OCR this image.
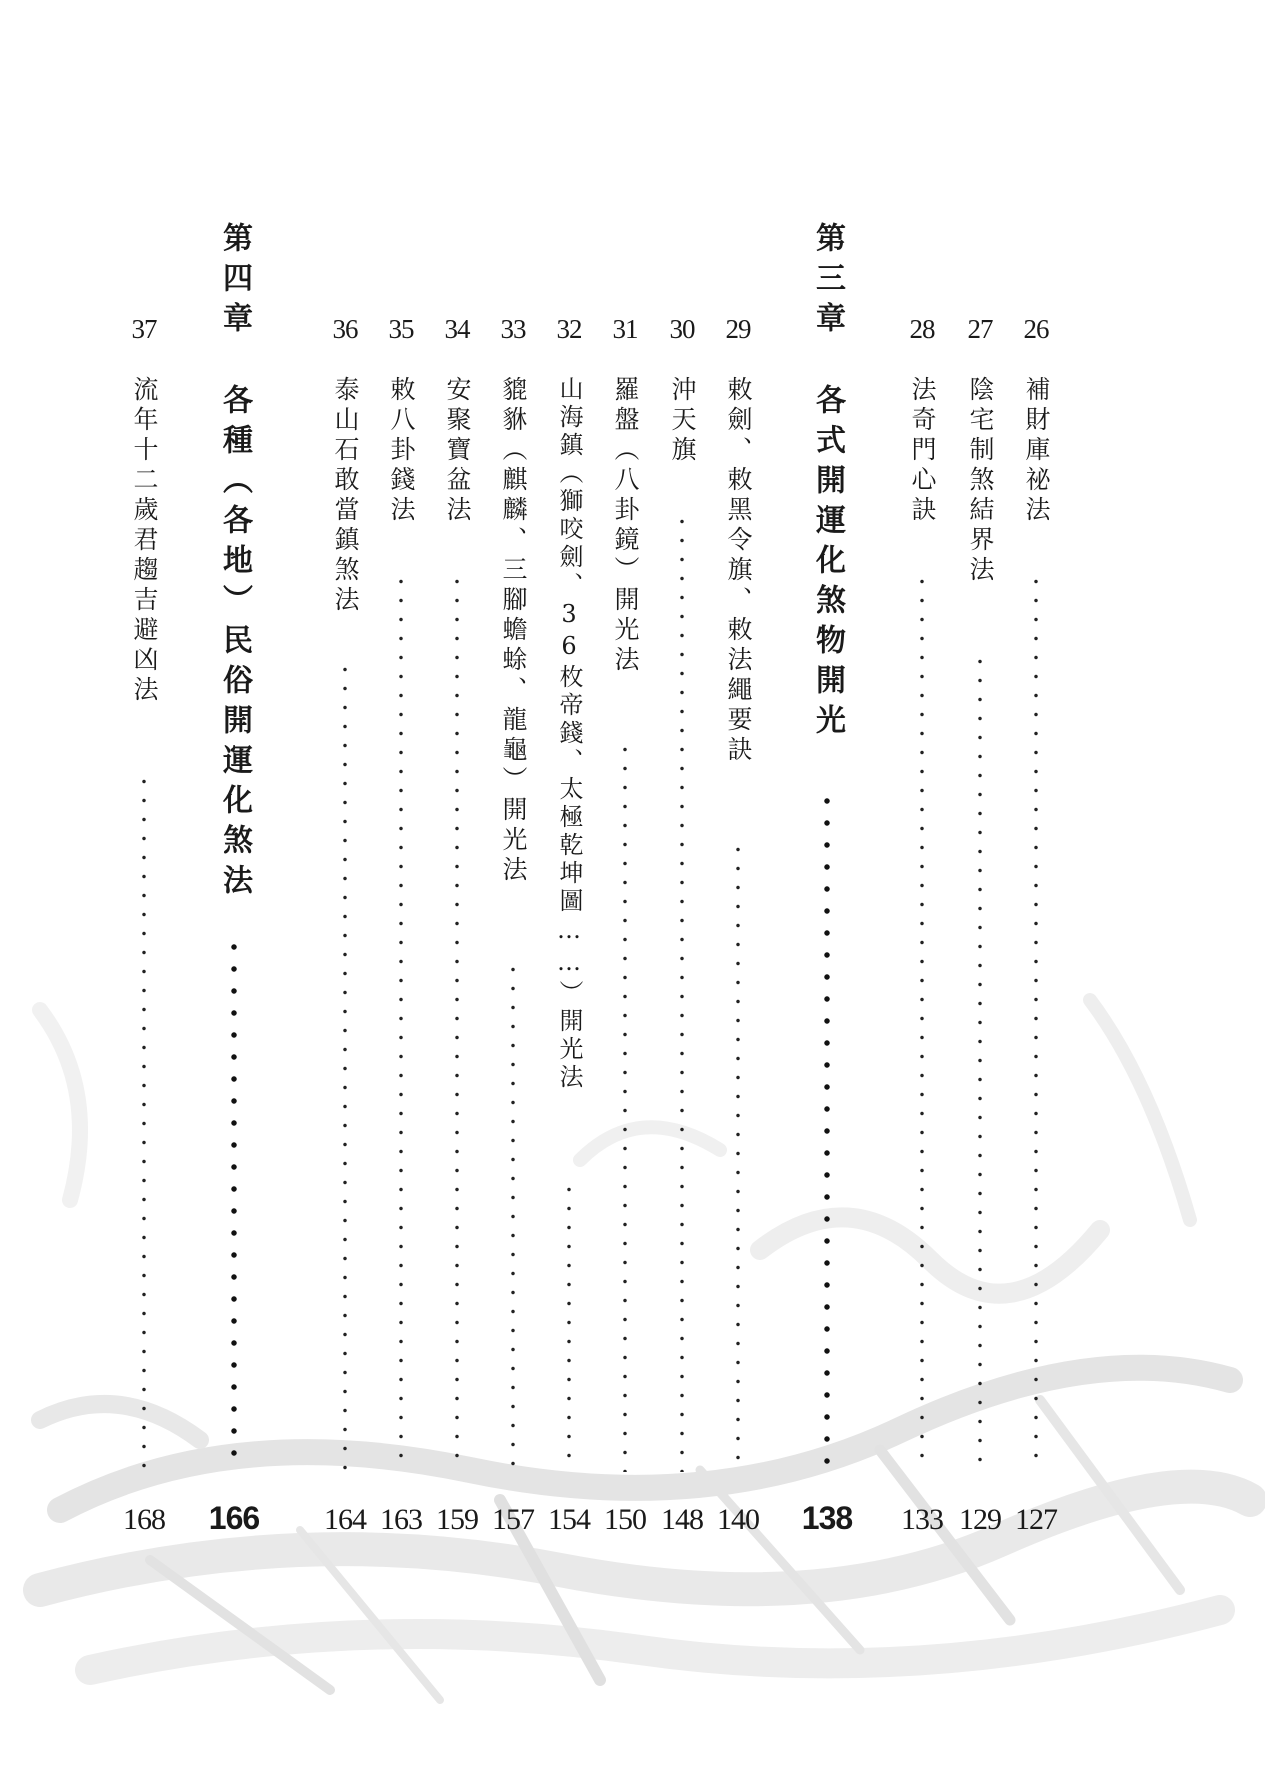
26
補財庫祕法
127
27
陰宅制煞結界法
129
28
法奇門心訣
133
第三章
各式開運化煞物開光
138
29
敕劍、敕黑令旗、敕法繩要訣
140
30
沖天旗
148
31
羅盤（八卦鏡）開光法
150
32
山海鎮（獅咬劍、36枚帝錢、太極乾坤圖……）開光法
154
33
貔貅（麒麟、三腳蟾蜍、龍龜）開光法
157
34
安聚寶盆法
159
35
敕八卦錢法
163
36
泰山石敢當鎮煞法
164
第四章
各種（各地）民俗開運化煞法
166
37
流年十二歲君趨吉避凶法
168
